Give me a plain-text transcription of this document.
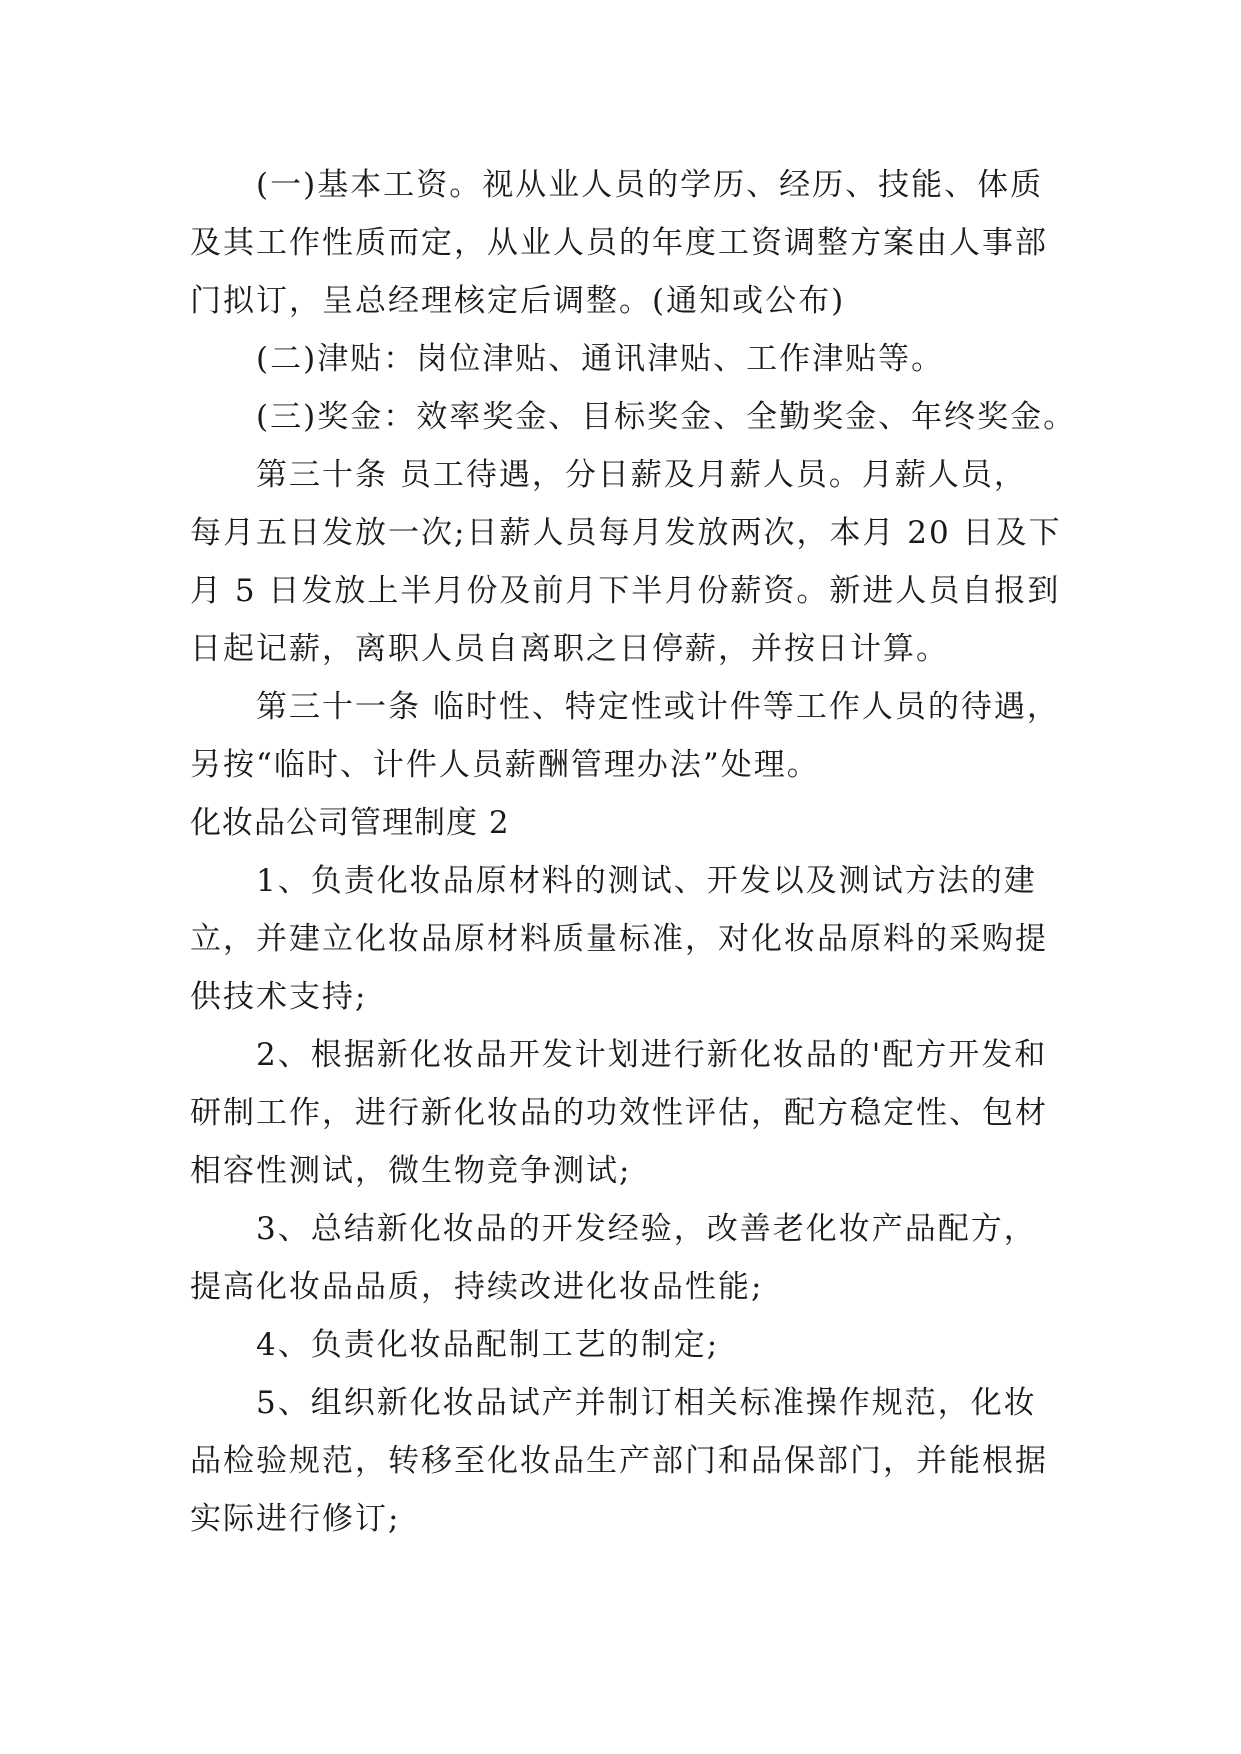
　　(一)基本工资。视从业人员的学历、经历、技能、体质

及其工作性质而定，从业人员的年度工资调整方案由人事部

门拟订，呈总经理核定后调整。(通知或公布)

　　(二)津贴：岗位津贴、通讯津贴、工作津贴等。

　　(三)奖金：效率奖金、目标奖金、全勤奖金、年终奖金。

　　第三十条 员工待遇，分日薪及月薪人员。月薪人员，

每月五日发放一次;日薪人员每月发放两次，本月 20 日及下

月 5 日发放上半月份及前月下半月份薪资。新进人员自报到

日起记薪，离职人员自离职之日停薪，并按日计算。

　　第三十一条 临时性、特定性或计件等工作人员的待遇，

另按“临时、计件人员薪酬管理办法”处理。

化妆品公司管理制度 2

　　1、负责化妆品原材料的测试、开发以及测试方法的建

立，并建立化妆品原材料质量标准，对化妆品原料的采购提

供技术支持;

　　2、根据新化妆品开发计划进行新化妆品的'配方开发和

研制工作，进行新化妆品的功效性评估，配方稳定性、包材

相容性测试，微生物竞争测试;

　　3、总结新化妆品的开发经验，改善老化妆产品配方，

提高化妆品品质，持续改进化妆品性能;

　　4、负责化妆品配制工艺的制定;

　　5、组织新化妆品试产并制订相关标准操作规范，化妆

品检验规范，转移至化妆品生产部门和品保部门，并能根据

实际进行修订;
